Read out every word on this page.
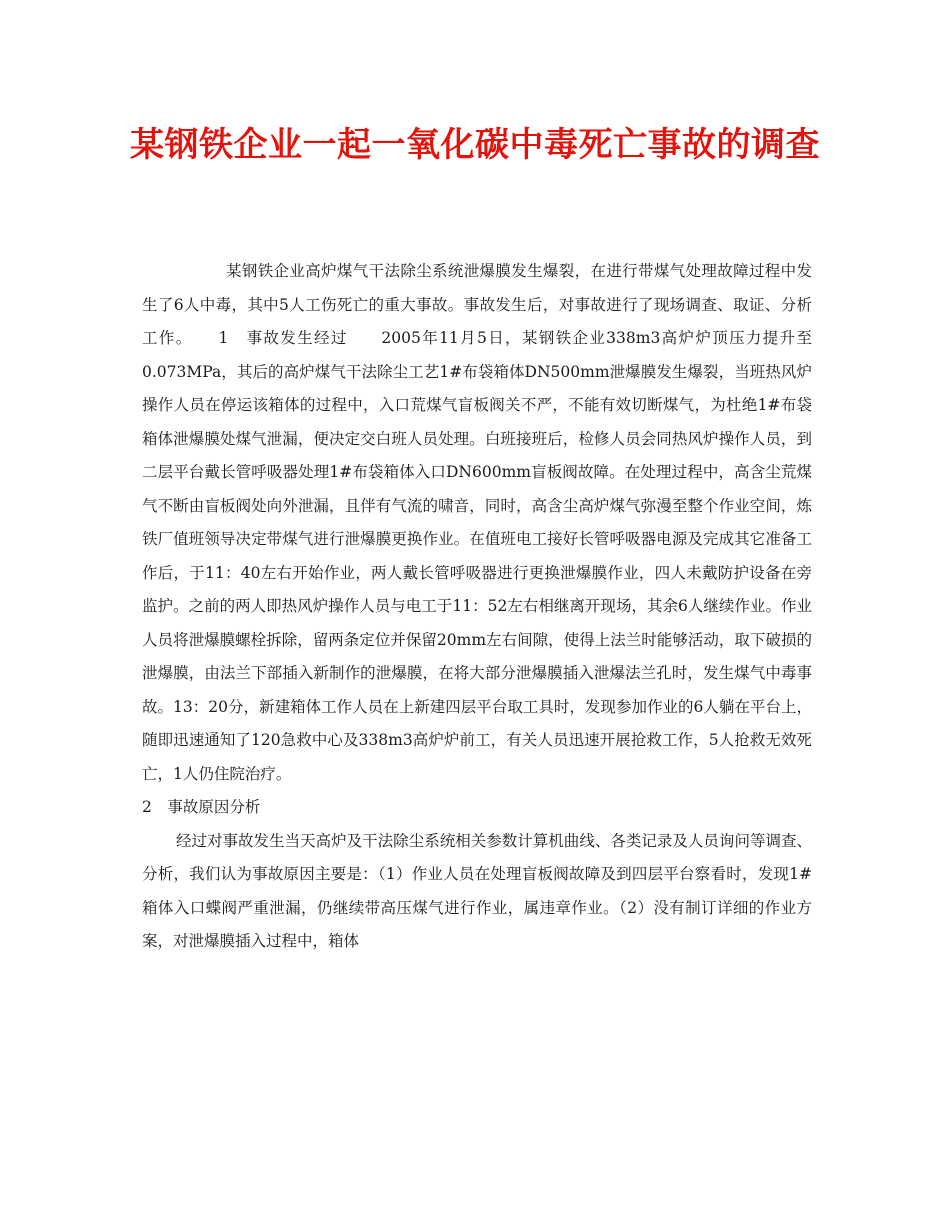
某钢铁企业一起一氧化碳中毒死亡事故的调查

某钢铁企业高炉煤气干法除尘系统泄爆膜发生爆裂，在进行带煤气处理故障过程中发生了6人中毒，其中5人工伤死亡的重大事故。事故发生后，对事故进行了现场调查、取证、分析工作。　　1　事故发生经过　　2005年11月5日，某钢铁企业338m3高炉炉顶压力提升至0.073MPa，其后的高炉煤气干法除尘工艺1#布袋箱体DN500mm泄爆膜发生爆裂，当班热风炉操作人员在停运该箱体的过程中，入口荒煤气盲板阀关不严，不能有效切断煤气，为杜绝1#布袋箱体泄爆膜处煤气泄漏，便决定交白班人员处理。白班接班后，检修人员会同热风炉操作人员，到二层平台戴长管呼吸器处理1#布袋箱体入口DN600mm盲板阀故障。在处理过程中，高含尘荒煤气不断由盲板阀处向外泄漏，且伴有气流的啸音，同时，高含尘高炉煤气弥漫至整个作业空间，炼铁厂值班领导决定带煤气进行泄爆膜更换作业。在值班电工接好长管呼吸器电源及完成其它准备工作后，于11：40左右开始作业，两人戴长管呼吸器进行更换泄爆膜作业，四人未戴防护设备在旁监护。之前的两人即热风炉操作人员与电工于11：52左右相继离开现场，其余6人继续作业。作业人员将泄爆膜螺栓拆除，留两条定位并保留20mm左右间隙，使得上法兰时能够活动，取下破损的泄爆膜，由法兰下部插入新制作的泄爆膜，在将大部分泄爆膜插入泄爆法兰孔时，发生煤气中毒事故。13：20分，新建箱体工作人员在上新建四层平台取工具时，发现参加作业的6人躺在平台上，随即迅速通知了120急救中心及338m3高炉炉前工，有关人员迅速开展抢救工作，5人抢救无效死亡，1人仍住院治疗。

2　事故原因分析

经过对事故发生当天高炉及干法除尘系统相关参数计算机曲线、各类记录及人员询问等调查、分析，我们认为事故原因主要是：（1）作业人员在处理盲板阀故障及到四层平台察看时，发现1#箱体入口蝶阀严重泄漏，仍继续带高压煤气进行作业，属违章作业。（2）没有制订详细的作业方案，对泄爆膜插入过程中，箱体
